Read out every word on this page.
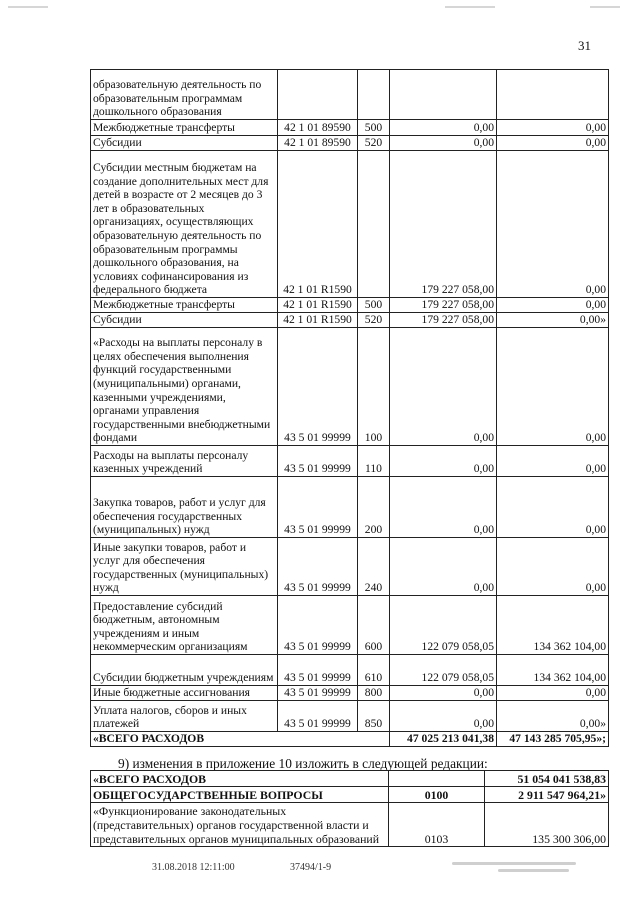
31
образовательную деятельность по образовательным программам дошкольного образования				
Межбюджетные трансферты	42 1 01 89590	500	0,00	0,00
Субсидии	42 1 01 89590	520	0,00	0,00
Субсидии местным бюджетам на создание дополнительных мест для детей в возрасте от 2 месяцев до 3 лет в образовательных организациях, осуществляющих образовательную деятельность по образовательным программы дошкольного образования, на условиях софинансирования из федерального бюджета	42 1 01 R1590		179 227 058,00	0,00
Межбюджетные трансферты	42 1 01 R1590	500	179 227 058,00	0,00
Субсидии	42 1 01 R1590	520	179 227 058,00	0,00»
«Расходы на выплаты персоналу в целях обеспечения выполнения функций государственными (муниципальными) органами, казенными учреждениями, органами управления государственными внебюджетными фондами	43 5 01 99999	100	0,00	0,00
Расходы на выплаты персоналу казенных учреждений	43 5 01 99999	110	0,00	0,00
Закупка товаров, работ и услуг для обеспечения государственных (муниципальных) нужд	43 5 01 99999	200	0,00	0,00
Иные закупки товаров, работ и услуг для обеспечения государственных (муниципальных) нужд	43 5 01 99999	240	0,00	0,00
Предоставление субсидий бюджетным, автономным учреждениям и иным некоммерческим организациям	43 5 01 99999	600	122 079 058,05	134 362 104,00
Субсидии бюджетным учреждениям	43 5 01 99999	610	122 079 058,05	134 362 104,00
Иные бюджетные ассигнования	43 5 01 99999	800	0,00	0,00
Уплата налогов, сборов и иных платежей	43 5 01 99999	850	0,00	0,00»
«ВСЕГО РАСХОДОВ			47 025 213 041,38	47 143 285 705,95»;
9) изменения в приложение 10 изложить в следующей редакции:
«ВСЕГО РАСХОДОВ		51 054 041 538,83
ОБЩЕГОСУДАРСТВЕННЫЕ ВОПРОСЫ	0100	2 911 547 964,21»
«Функционирование законодательных (представительных) органов государственной власти и представительных органов муниципальных образований	0103	135 300 306,00
31.08.2018 12:11:00	37494/1-9
